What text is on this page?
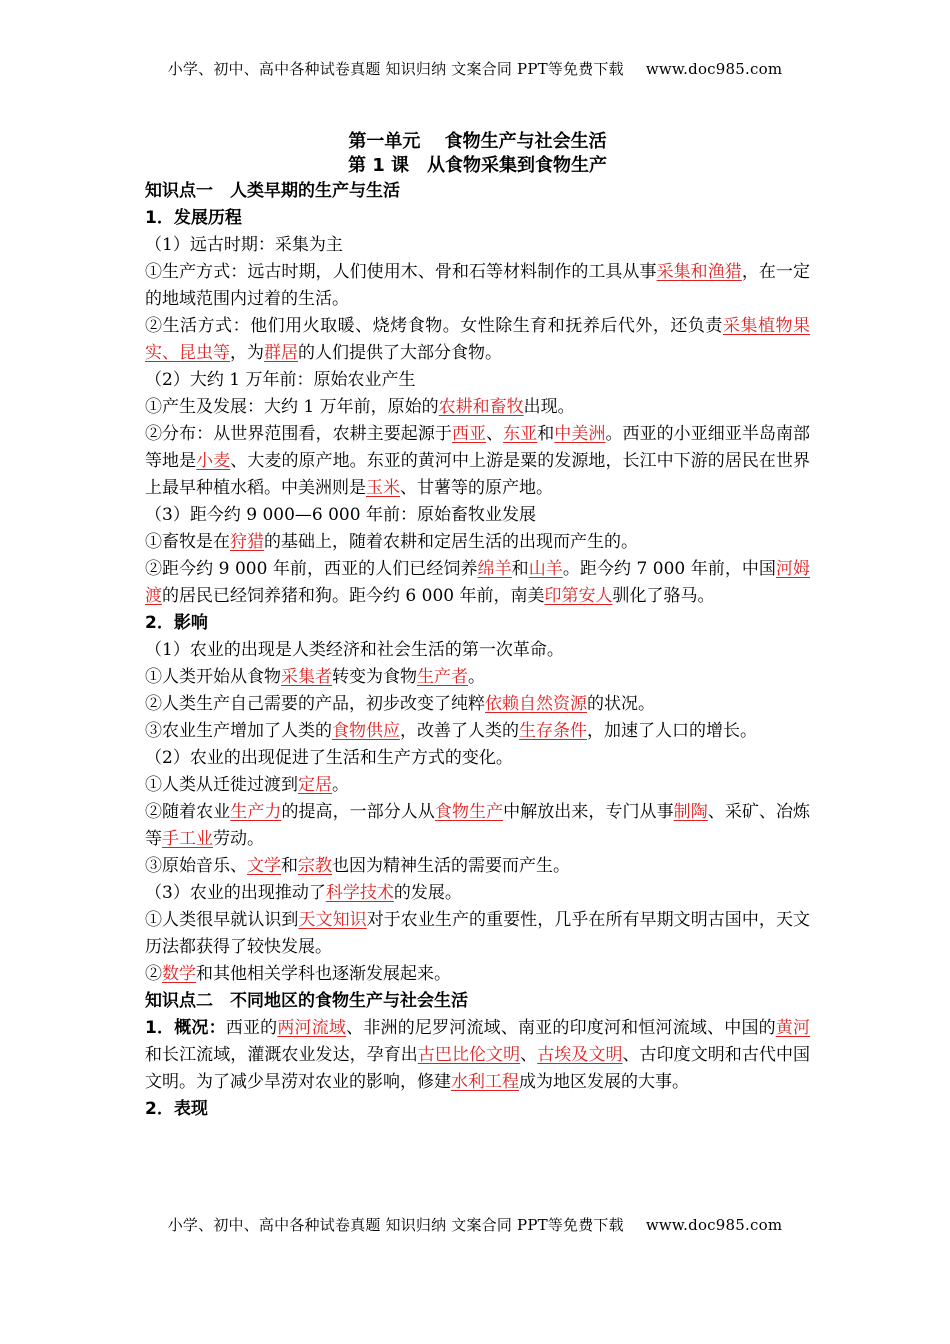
小学、初中、高中各种试卷真题 知识归纳 文案合同 PPT等免费下载 www.doc985.com
第一单元　 食物生产与社会生活
第 1 课　从食物采集到食物生产
知识点一　人类早期的生产与生活
1．发展历程
（1）远古时期：采集为主
①生产方式：远古时期，人们使用木、骨和石等材料制作的工具从事采集和渔猎，在一定的地域范围内过着的生活。
②生活方式：他们用火取暖、烧烤食物。女性除生育和抚养后代外，还负责采集植物果实、昆虫等，为群居的人们提供了大部分食物。
（2）大约 1 万年前：原始农业产生
①产生及发展：大约 1 万年前，原始的农耕和畜牧出现。
②分布：从世界范围看，农耕主要起源于西亚、东亚和中美洲。西亚的小亚细亚半岛南部等地是小麦、大麦的原产地。东亚的黄河中上游是粟的发源地，长江中下游的居民在世界上最早种植水稻。中美洲则是玉米、甘薯等的原产地。
（3）距今约 9 000—6 000 年前：原始畜牧业发展
①畜牧是在狩猎的基础上，随着农耕和定居生活的出现而产生的。
②距今约 9 000 年前，西亚的人们已经饲养绵羊和山羊。距今约 7 000 年前，中国河姆渡的居民已经饲养猪和狗。距今约 6 000 年前，南美印第安人驯化了骆马。
2．影响
（1）农业的出现是人类经济和社会生活的第一次革命。
①人类开始从食物采集者转变为食物生产者。
②人类生产自己需要的产品，初步改变了纯粹依赖自然资源的状况。
③农业生产增加了人类的食物供应，改善了人类的生存条件，加速了人口的增长。
（2）农业的出现促进了生活和生产方式的变化。
①人类从迁徙过渡到定居。
②随着农业生产力的提高，一部分人从食物生产中解放出来，专门从事制陶、采矿、冶炼等手工业劳动。
③原始音乐、文学和宗教也因为精神生活的需要而产生。
（3）农业的出现推动了科学技术的发展。
①人类很早就认识到天文知识对于农业生产的重要性，几乎在所有早期文明古国中，天文历法都获得了较快发展。
②数学和其他相关学科也逐渐发展起来。
知识点二　不同地区的食物生产与社会生活
1．概况：西亚的两河流域、非洲的尼罗河流域、南亚的印度河和恒河流域、中国的黄河和长江流域，灌溉农业发达，孕育出古巴比伦文明、古埃及文明、古印度文明和古代中国文明。为了减少旱涝对农业的影响，修建水利工程成为地区发展的大事。
2．表现
小学、初中、高中各种试卷真题 知识归纳 文案合同 PPT等免费下载 www.doc985.com
